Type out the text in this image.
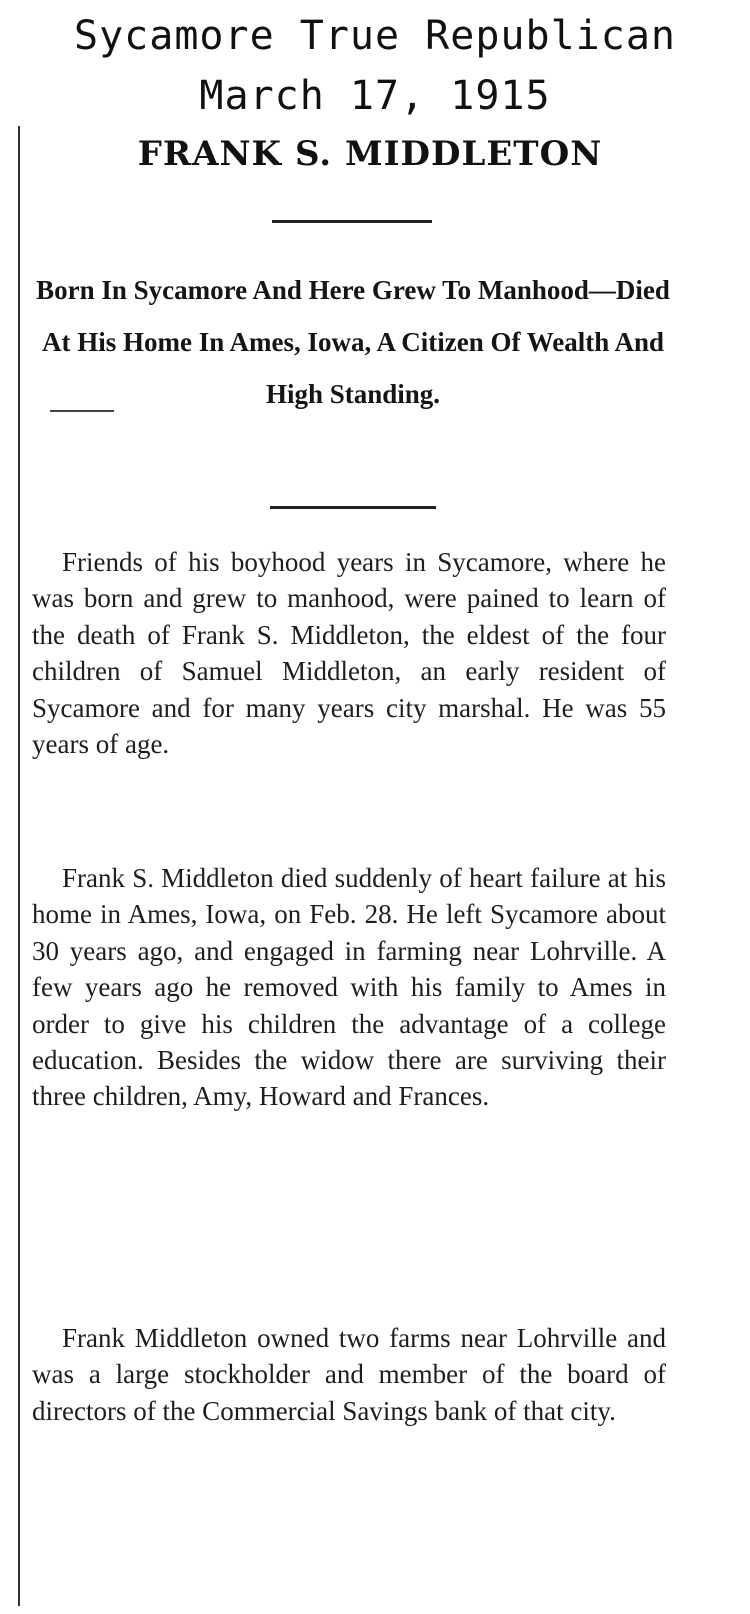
Sycamore True Republican
March 17, 1915
FRANK S. MIDDLETON
Born In Sycamore And Here Grew To Manhood—Died At His Home In Ames, Iowa, A Citizen Of Wealth And High Standing.

Friends of his boyhood years in Sycamore, where he was born and grew to manhood, were pained to learn of the death of Frank S. Middleton, the eldest of the four children of Samuel Middleton, an early resident of Sycamore and for many years city marshal. He was 55 years of age.

Frank S. Middleton died suddenly of heart failure at his home in Ames, Iowa, on Feb. 28. He left Sycamore about 30 years ago, and engaged in farming near Lohrville. A few years ago he removed with his family to Ames in order to give his children the advantage of a college education. Besides the widow there are surviving their three children, Amy, Howard and Frances.

Frank Middleton owned two farms near Lohrville and was a large stockholder and member of the board of directors of the Commercial Savings bank of that city.
